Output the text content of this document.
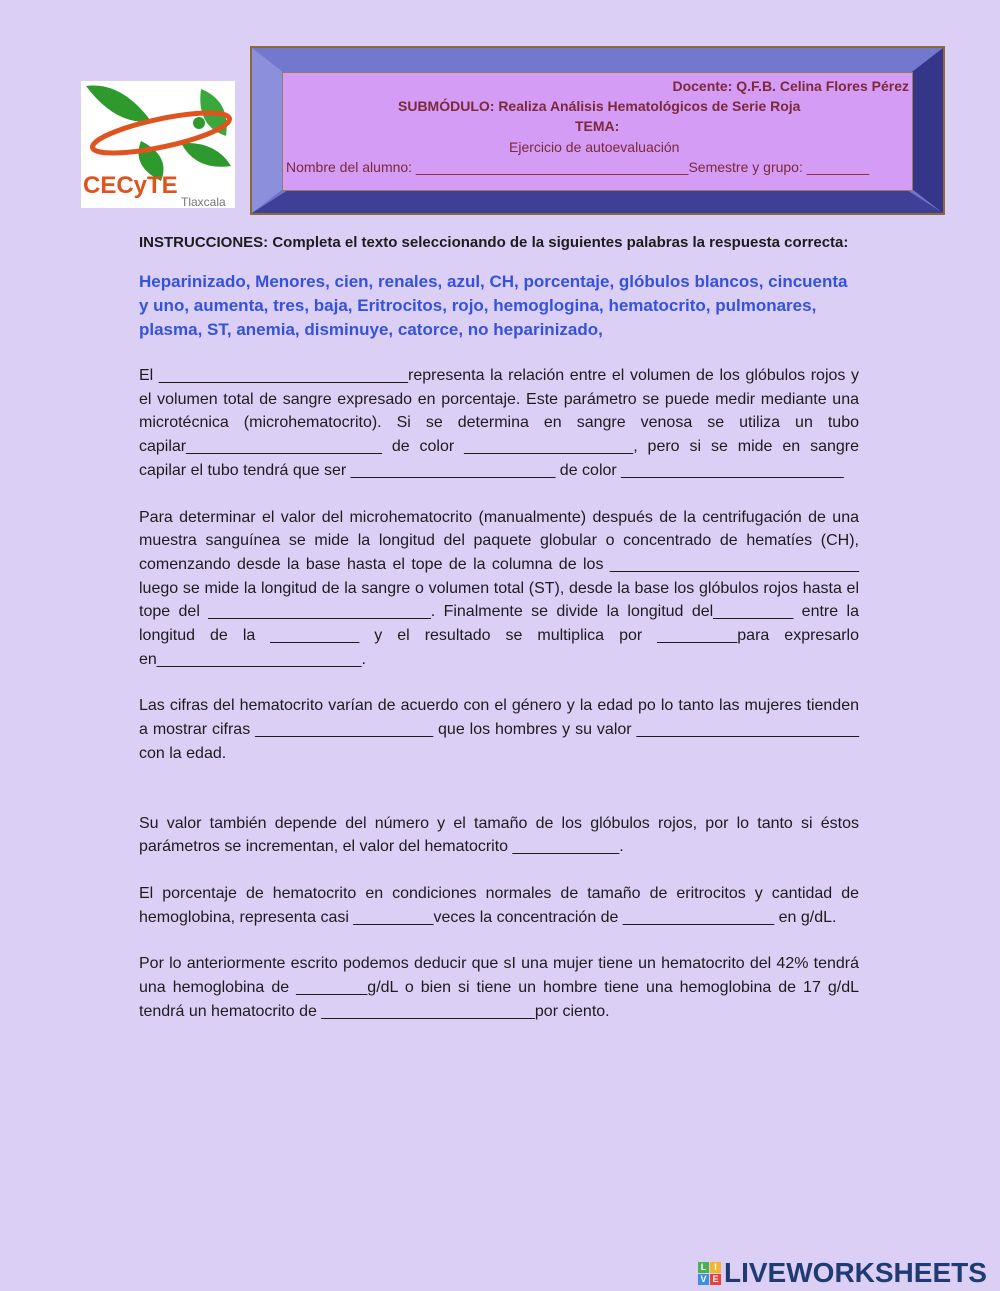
CECyTE
Tlaxcala
Docente: Q.F.B. Celina Flores Pérez
SUBMÓDULO: Realiza Análisis Hematológicos de Serie Roja
TEMA:
Ejercicio de autoevaluación
Nombre del alumno: ___________________________________Semestre y grupo: ________

INSTRUCCIONES: Completa el texto seleccionando de la siguientes palabras la respuesta correcta:

Heparinizado, Menores, cien, renales, azul, CH, porcentaje, glóbulos blancos, cincuenta y uno, aumenta, tres, baja, Eritrocitos, rojo, hemoglogina, hematocrito, pulmonares, plasma, ST, anemia, disminuye, catorce, no heparinizado,

El ____________________________representa la relación entre el volumen de los glóbulos rojos y el volumen total de sangre expresado en porcentaje. Este parámetro se puede medir mediante una microtécnica (microhematocrito). Si se determina en sangre venosa se utiliza un tubo capilar______________________ de color ___________________, pero si se mide en sangre capilar el tubo tendrá que ser _______________________ de color _________________________

Para determinar el valor del microhematocrito (manualmente) después de la centrifugación de una muestra sanguínea se mide la longitud del paquete globular o concentrado de hematíes (CH), comenzando desde la base hasta el tope de la columna de los ____________________________ luego se mide la longitud de la sangre o volumen total (ST), desde la base los glóbulos rojos hasta el tope del _________________________. Finalmente se divide la longitud del_________ entre la longitud de la __________ y el resultado se multiplica por _________para expresarlo en_______________________.

Las cifras del hematocrito varían de acuerdo con el género y la edad po lo tanto las mujeres tienden a mostrar cifras ____________________ que los hombres y su valor _________________________ con la edad.

Su valor también depende del número y el tamaño de los glóbulos rojos, por lo tanto si éstos parámetros se incrementan, el valor del hematocrito ____________.

El porcentaje de hematocrito en condiciones normales de tamaño de eritrocitos y cantidad de hemoglobina, representa casi _________veces la concentración de _________________ en g/dL.

Por lo anteriormente escrito podemos deducir que sI una mujer tiene un hematocrito del 42% tendrá una hemoglobina de ________g/dL o bien si tiene un hombre tiene una hemoglobina de 17 g/dL tendrá un hematocrito de ________________________por ciento.

L I
V E LIVEWORKSHEETS
